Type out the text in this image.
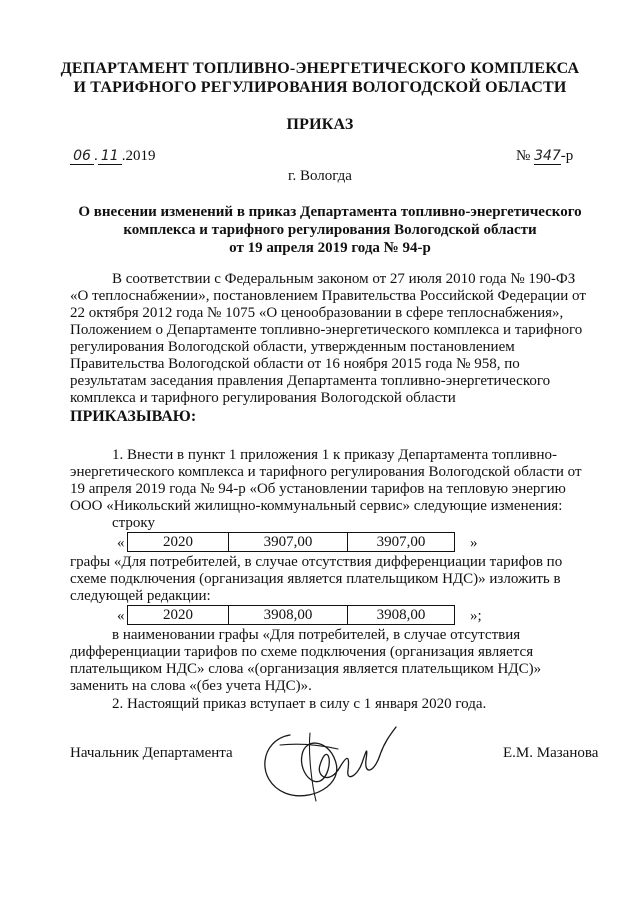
ДЕПАРТАМЕНТ ТОПЛИВНО-ЭНЕРГЕТИЧЕСКОГО КОМПЛЕКСА
И ТАРИФНОГО РЕГУЛИРОВАНИЯ ВОЛОГОДСКОЙ ОБЛАСТИ
ПРИКАЗ
06 . 11 .2019	№ 347-р
г. Вологда
О внесении изменений в приказ Департамента топливно-энергетического
комплекса и тарифного регулирования Вологодской области
от 19 апреля 2019 года № 94-р
В соответствии с Федеральным законом от 27 июля 2010 года № 190-ФЗ
«О теплоснабжении», постановлением Правительства Российской Федерации от
22 октября 2012 года № 1075 «О ценообразовании в сфере теплоснабжения»,
Положением о Департаменте топливно-энергетического комплекса и тарифного
регулирования Вологодской области, утвержденным постановлением
Правительства Вологодской области от 16 ноября 2015 года № 958, по
результатам заседания правления Департамента топливно-энергетического
комплекса и тарифного регулирования Вологодской области
ПРИКАЗЫВАЮ:
1. Внести в пункт 1 приложения 1 к приказу Департамента топливно-
энергетического комплекса и тарифного регулирования Вологодской области от
19 апреля 2019 года № 94-р «Об установлении тарифов на тепловую энергию
ООО «Никольский жилищно-коммунальный сервис» следующие изменения:
строку
«	2020	3907,00	3907,00	»
графы «Для потребителей, в случае отсутствия дифференциации тарифов по
схеме подключения (организация является плательщиком НДС)» изложить в
следующей редакции:
«	2020	3908,00	3908,00	»;
в наименовании графы «Для потребителей, в случае отсутствия
дифференциации тарифов по схеме подключения (организация является
плательщиком НДС» слова «(организация является плательщиком НДС)»
заменить на слова «(без учета НДС)».
2. Настоящий приказ вступает в силу с 1 января 2020 года.
Начальник Департамента	Е.М. Мазанова
